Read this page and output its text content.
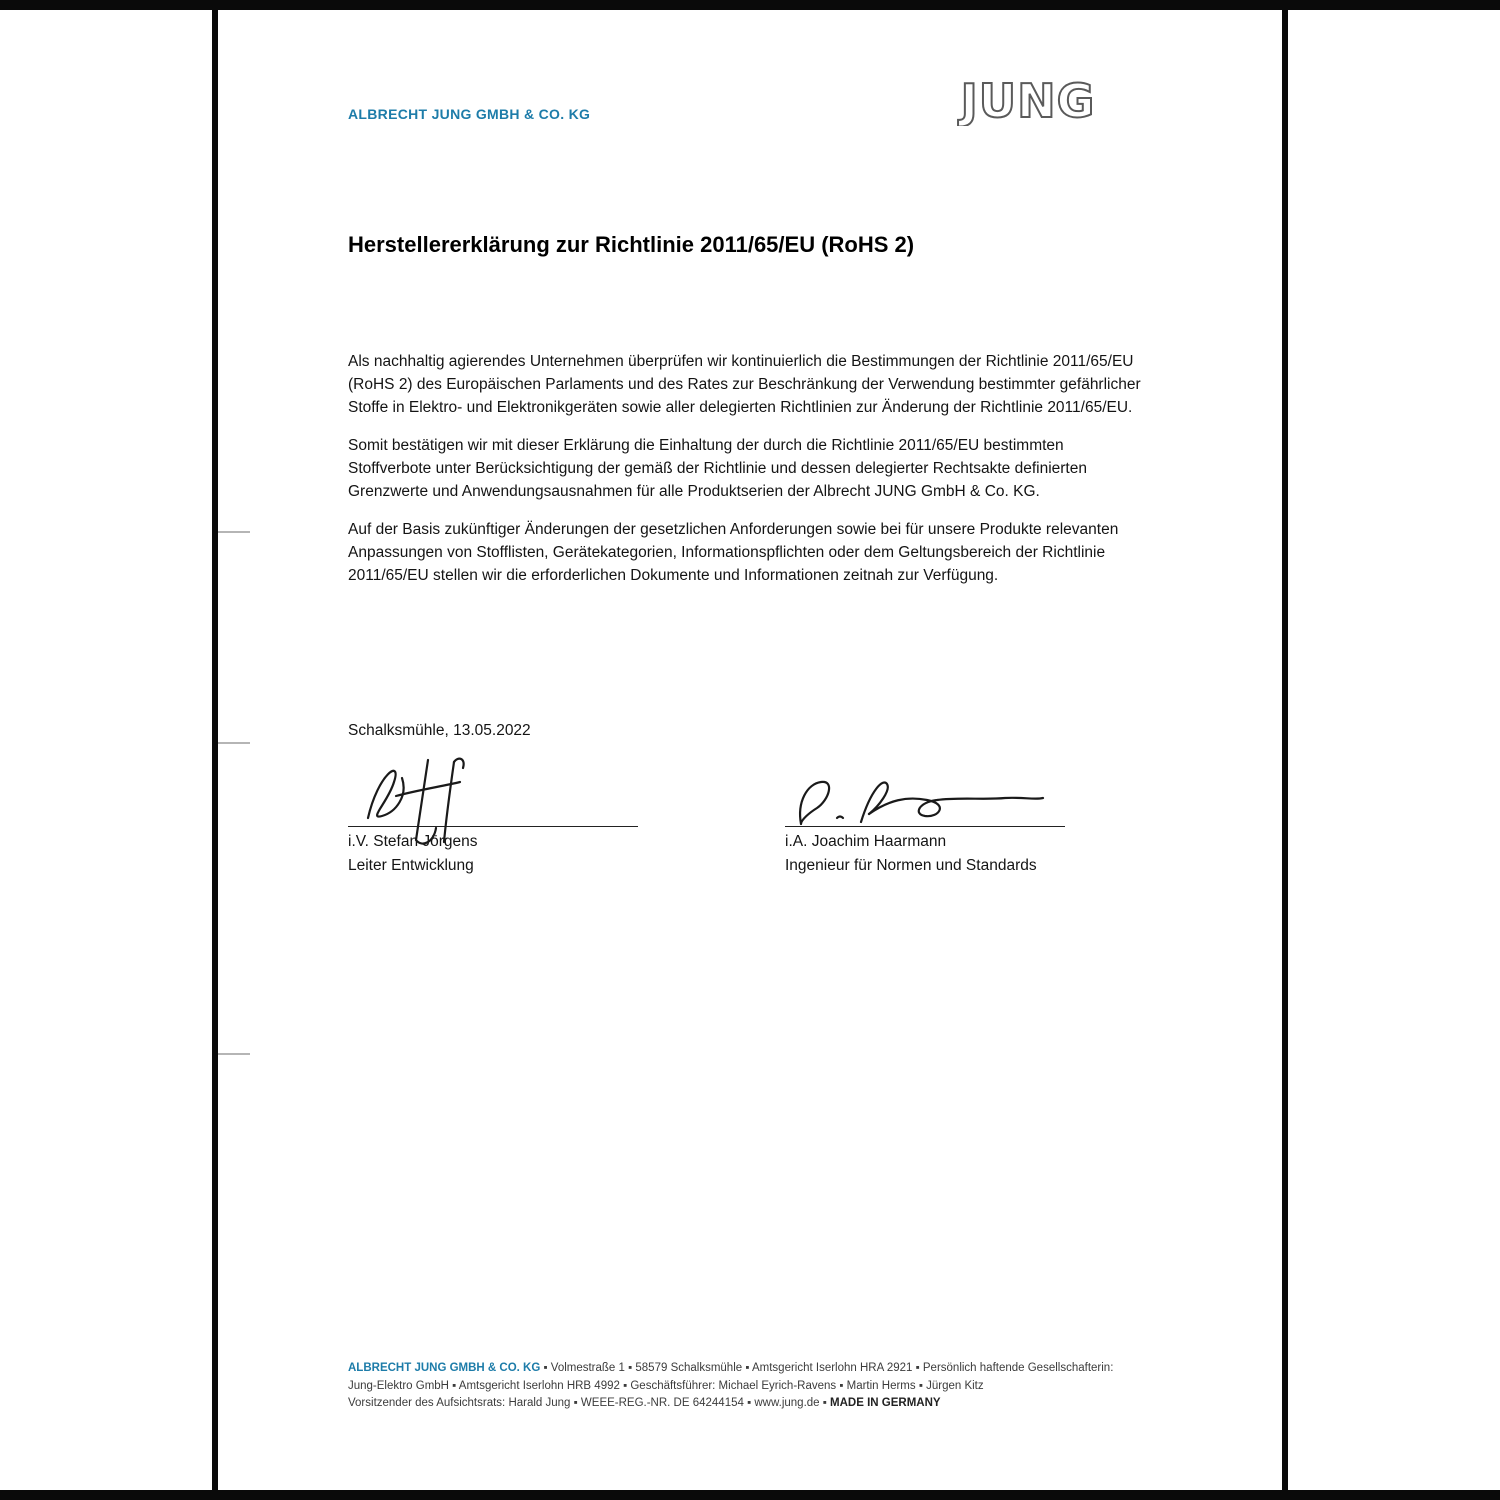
ALBRECHT JUNG GMBH & CO. KG	JUNG
Herstellererklärung zur Richtlinie 2011/65/EU (RoHS 2)

Als nachhaltig agierendes Unternehmen überprüfen wir kontinuierlich die Bestimmungen der Richtlinie 2011/65/EU (RoHS 2) des Europäischen Parlaments und des Rates zur Beschränkung der Verwendung bestimmter gefährlicher Stoffe in Elektro- und Elektronikgeräten sowie aller delegierten Richtlinien zur Änderung der Richtlinie 2011/65/EU.

Somit bestätigen wir mit dieser Erklärung die Einhaltung der durch die Richtlinie 2011/65/EU bestimmten Stoffverbote unter Berücksichtigung der gemäß der Richtlinie und dessen delegierter Rechtsakte definierten Grenzwerte und Anwendungsausnahmen für alle Produktserien der Albrecht JUNG GmbH & Co. KG.

Auf der Basis zukünftiger Änderungen der gesetzlichen Anforderungen sowie bei für unsere Produkte relevanten Anpassungen von Stofflisten, Gerätekategorien, Informationspflichten oder dem Geltungsbereich der Richtlinie 2011/65/EU stellen wir die erforderlichen Dokumente und Informationen zeitnah zur Verfügung.

Schalksmühle, 13.05.2022
i.V. Stefan Jörgens
Leiter Entwicklung
i.A. Joachim Haarmann
Ingenieur für Normen und Standards
ALBRECHT JUNG GMBH & CO. KG ▪ Volmestraße 1 ▪ 58579 Schalksmühle ▪ Amtsgericht Iserlohn HRA 2921 ▪ Persönlich haftende Gesellschafterin:
Jung-Elektro GmbH ▪ Amtsgericht Iserlohn HRB 4992 ▪ Geschäftsführer: Michael Eyrich-Ravens ▪ Martin Herms ▪ Jürgen Kitz
Vorsitzender des Aufsichtsrats: Harald Jung ▪ WEEE-REG.-NR. DE 64244154 ▪ www.jung.de ▪ MADE IN GERMANY
